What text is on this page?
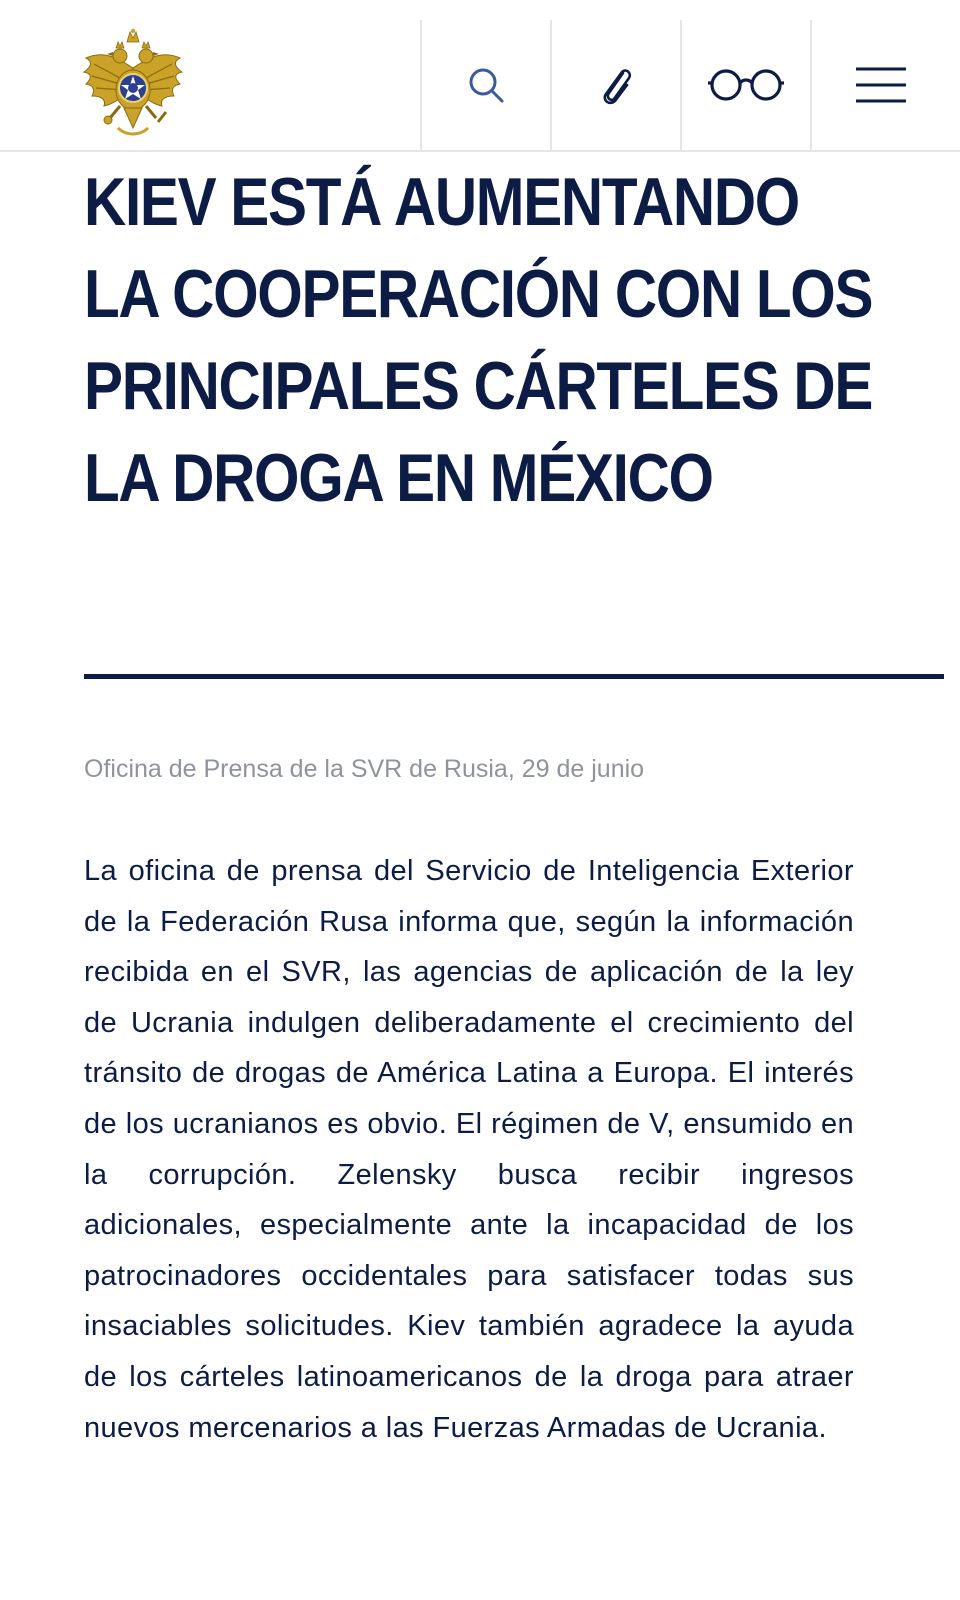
KIEV ESTÁ AUMENTANDO LA COOPERACIÓN CON LOS PRINCIPALES CÁRTELES DE LA DROGA EN MÉXICO
Oficina de Prensa de la SVR de Rusia, 29 de junio

La oficina de prensa del Servicio de Inteligencia Exterior de la Federación Rusa informa que, según la información recibida en el SVR, las agencias de aplicación de la ley de Ucrania indulgen deliberadamente el crecimiento del tránsito de drogas de América Latina a Europa. El interés de los ucranianos es obvio. El régimen de V, ensumido en la corrupción. Zelensky busca recibir ingresos adicionales, especialmente ante la incapacidad de los patrocinadores occidentales para satisfacer todas sus insaciables solicitudes. Kiev también agradece la ayuda de los cárteles latinoamericanos de la droga para atraer nuevos mercenarios a las Fuerzas Armadas de Ucrania.
